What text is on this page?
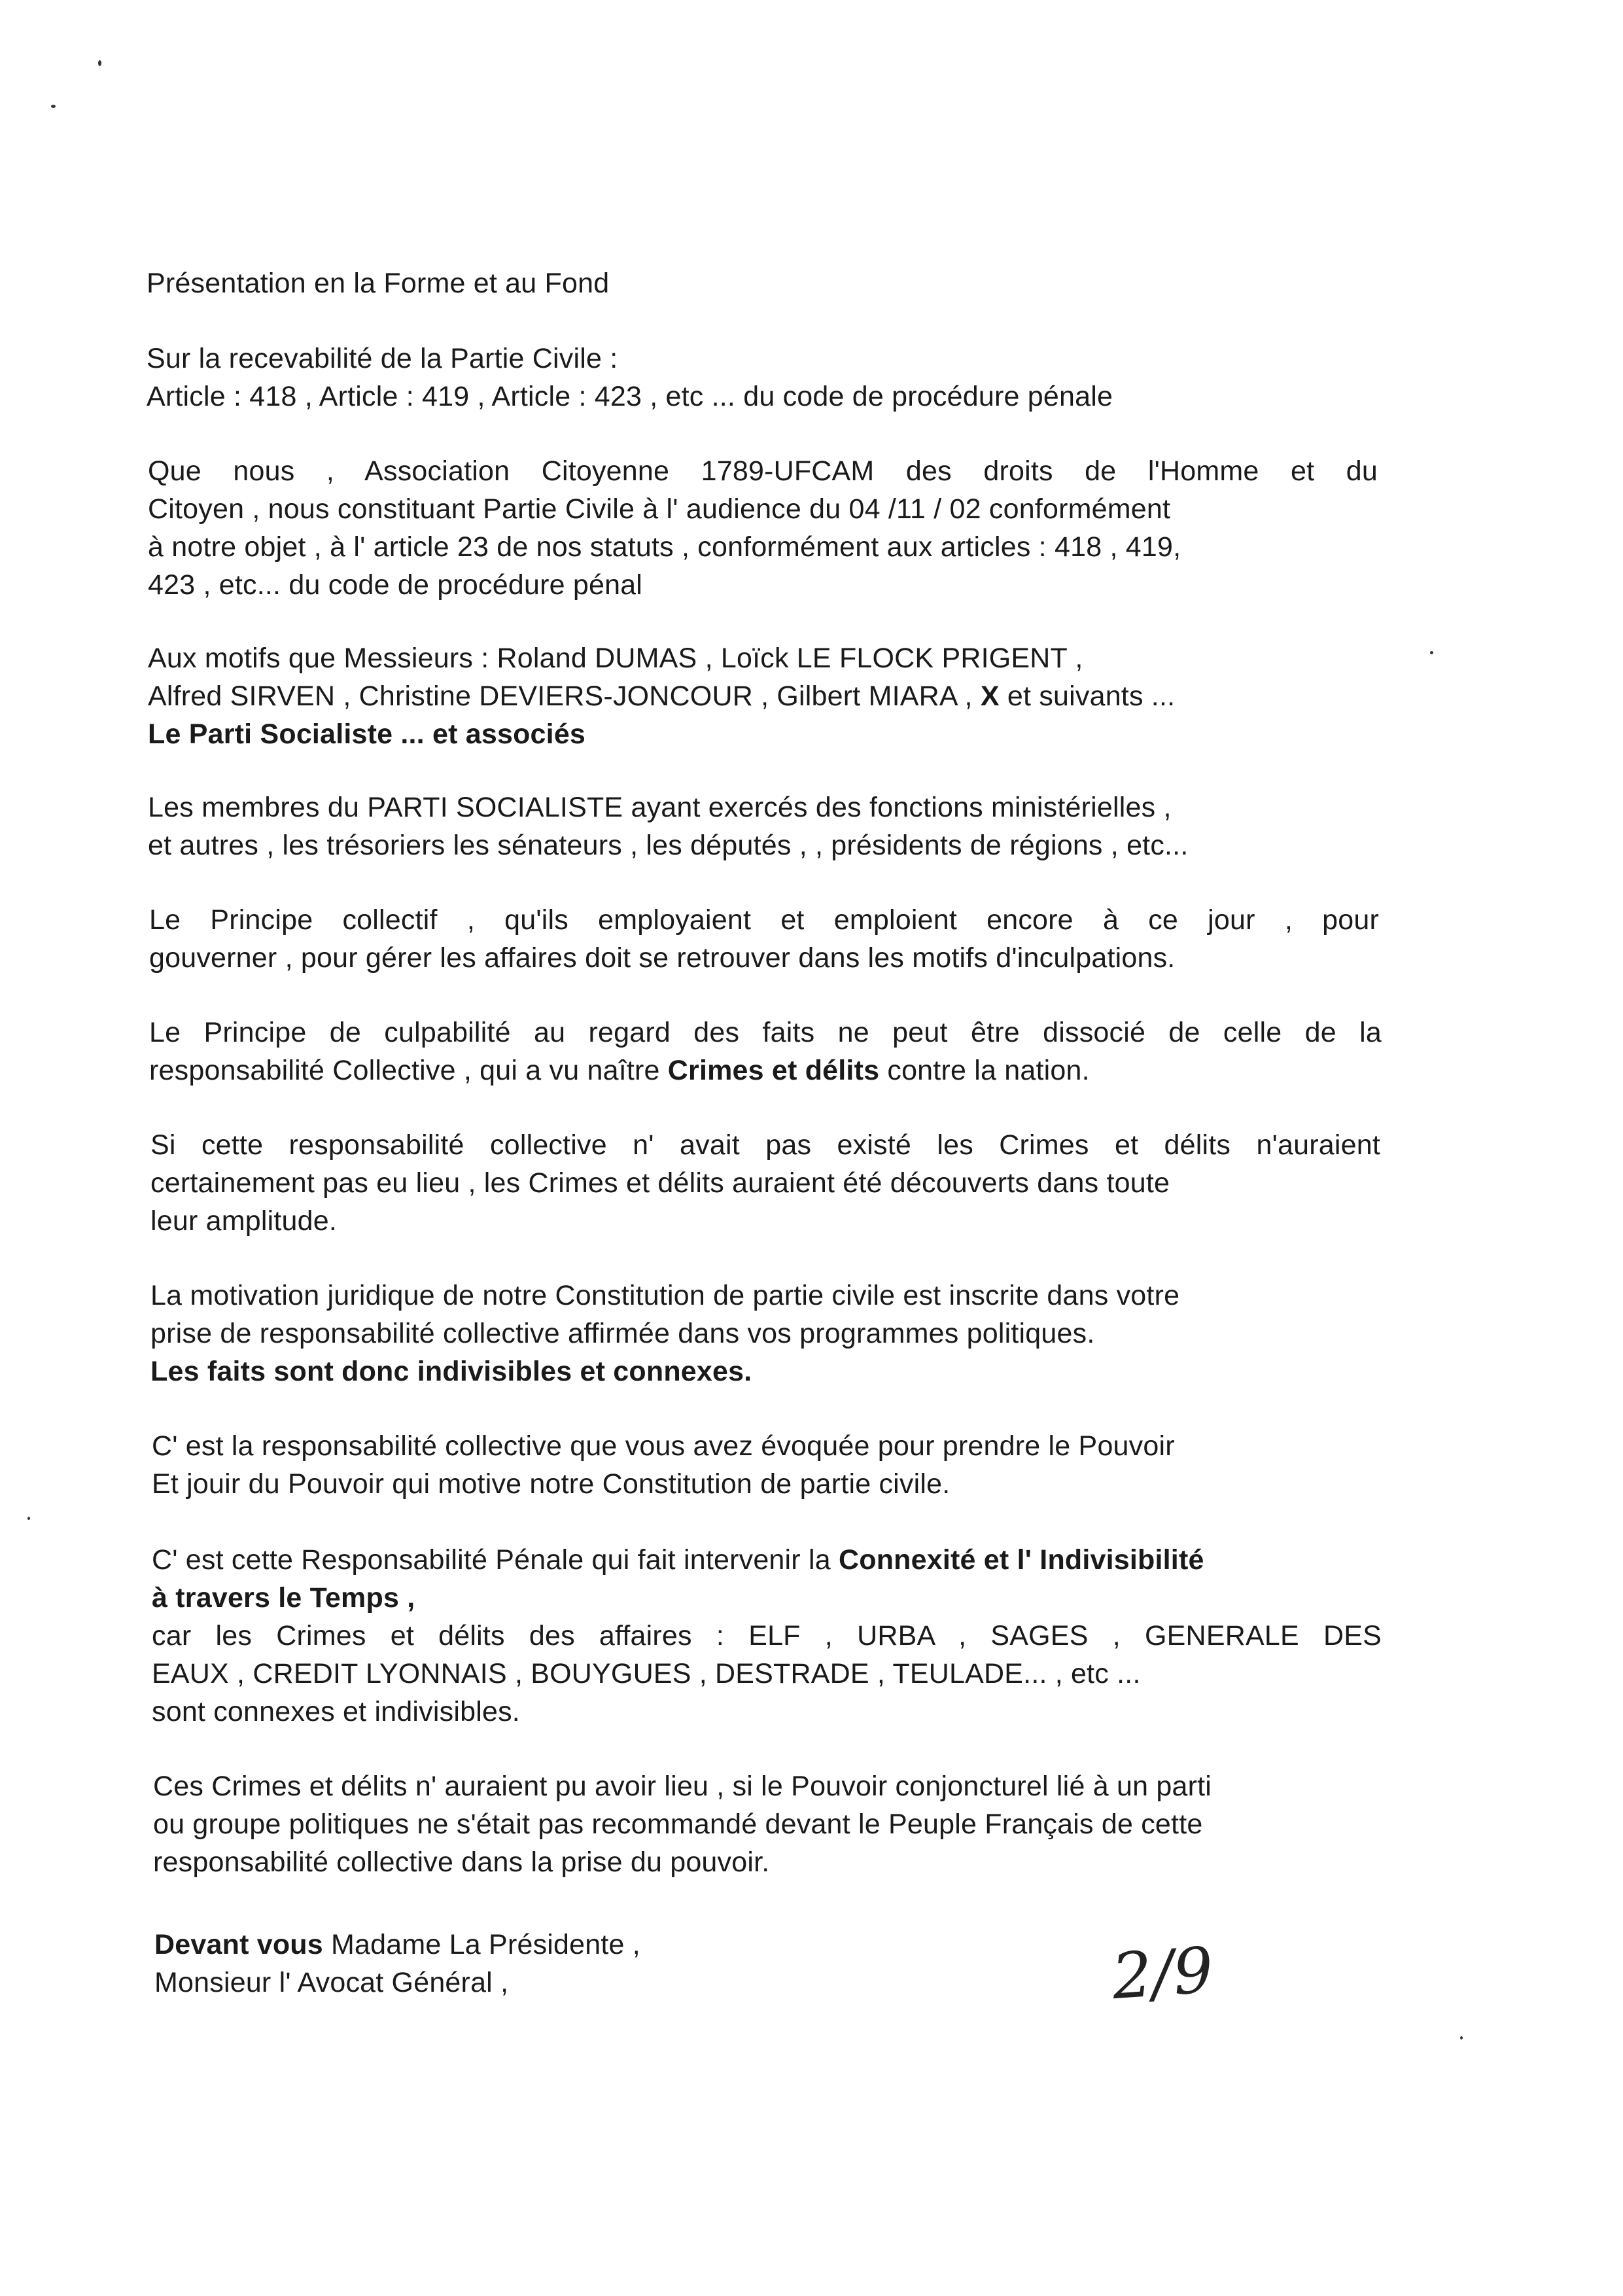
Présentation en la Forme et au Fond
Sur la recevabilité de la Partie Civile :
Article : 418 , Article : 419 , Article : 423 , etc ... du code de procédure pénale
Que nous , Association Citoyenne 1789-UFCAM des droits de l'Homme et du
Citoyen , nous constituant Partie Civile à l' audience du 04 /11 / 02 conformément
à notre objet , à l' article 23 de nos statuts , conformément aux articles : 418 , 419,
423 , etc... du code de procédure pénal
Aux motifs que Messieurs : Roland DUMAS , Loïck LE FLOCK PRIGENT ,
Alfred SIRVEN , Christine DEVIERS-JONCOUR , Gilbert MIARA , X et suivants ...
Le Parti Socialiste ... et associés
Les membres du PARTI SOCIALISTE ayant exercés des fonctions ministérielles ,
et autres , les trésoriers les sénateurs , les députés , , présidents de régions , etc...
Le Principe collectif , qu'ils employaient et emploient encore à ce jour , pour
gouverner , pour gérer les affaires doit se retrouver dans les motifs d'inculpations.
Le Principe de culpabilité au regard des faits ne peut être dissocié de celle de la
responsabilité Collective , qui a vu naître Crimes et délits contre la nation.
Si cette responsabilité collective n' avait pas existé les Crimes et délits n'auraient
certainement pas eu lieu , les Crimes et délits auraient été découverts dans toute
leur amplitude.
La motivation juridique de notre Constitution de partie civile est inscrite dans votre
prise de responsabilité collective affirmée dans vos programmes politiques.
Les faits sont donc indivisibles et connexes.
C' est la responsabilité collective que vous avez évoquée pour prendre le Pouvoir
Et jouir du Pouvoir qui motive notre Constitution de partie civile.
C' est cette Responsabilité Pénale qui fait intervenir la Connexité et l' Indivisibilité
à travers le Temps ,
car les Crimes et délits des affaires : ELF , URBA , SAGES , GENERALE DES
EAUX , CREDIT LYONNAIS , BOUYGUES , DESTRADE , TEULADE... , etc ...
sont connexes et indivisibles.
Ces Crimes et délits n' auraient pu avoir lieu , si le Pouvoir conjoncturel lié à un parti
ou groupe politiques ne s'était pas recommandé devant le Peuple Français de cette
responsabilité collective dans la prise du pouvoir.
Devant vous Madame La Présidente ,
Monsieur l' Avocat Général ,	2/9
